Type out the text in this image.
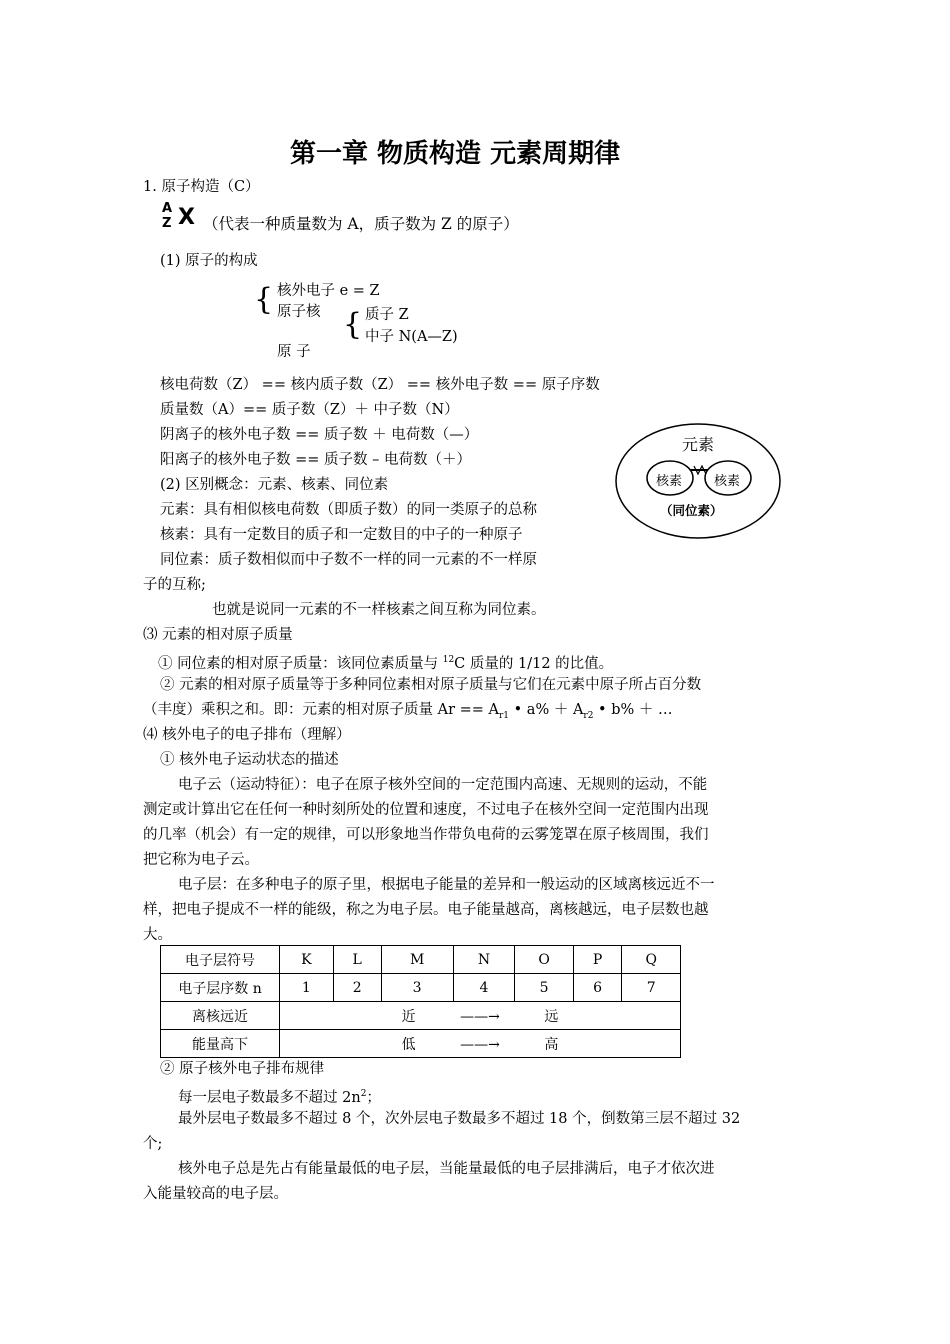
第一章 物质构造 元素周期律
1. 原子构造（C）
A
Z X （代表一种质量数为 A，质子数为 Z 的原子）
(1) 原子的构成
{ 核外电子 e = Z
原子核 { 质子 Z
中子 N(A—Z)
原 子
核电荷数（Z） == 核内质子数（Z） == 核外电子数 == 原子序数
质量数（A）== 质子数（Z）＋ 中子数（N）
阴离子的核外电子数 == 质子数 ＋ 电荷数（—）
阳离子的核外电子数 == 质子数 – 电荷数（＋）
(2) 区别概念：元素、核素、同位素
元素：具有相似核电荷数（即质子数）的同一类原子的总称
核素：具有一定数目的质子和一定数目的中子的一种原子
同位素：质子数相似而中子数不一样的同一元素的不一样原
子的互称;
也就是说同一元素的不一样核素之间互称为同位素。
元素
核素 核素
（同位素）
⑶ 元素的相对原子质量
① 同位素的相对原子质量：该同位素质量与 $^{12}$C 质量的 1/12 的比值。
② 元素的相对原子质量等于多种同位素相对原子质量与它们在元素中原子所占百分数
（丰度）乘积之和。即：元素的相对原子质量 $Ar == A_{r1}$ • $a\% + A_{r2}$ • b% ＋ …
⑷ 核外电子的电子排布（理解）
① 核外电子运动状态的描述
电子云（运动特征）：电子在原子核外空间的一定范围内高速、无规则的运动，不能
测定或计算出它在任何一种时刻所处的位置和速度，不过电子在核外空间一定范围内出现
的几率（机会）有一定的规律，可以形象地当作带负电荷的云雾笼罩在原子核周围，我们
把它称为电子云。
电子层：在多种电子的原子里，根据电子能量的差异和一般运动的区域离核远近不一
样，把电子提成不一样的能级，称之为电子层。电子能量越高，离核越远，电子层数也越
大。
电子层符号	K	L	M	N	O	P	Q
电子层序数 n	1	2	3	4	5	6	7
离核远近	近          ——→          远						
能量高下	低          ——→          高						
② 原子核外电子排布规律
每一层电子数最多不超过 $2n^2$；
最外层电子数最多不超过 8 个，次外层电子数最多不超过 18 个，倒数第三层不超过 32
个;
核外电子总是先占有能量最低的电子层，当能量最低的电子层排满后，电子才依次进
入能量较高的电子层。
